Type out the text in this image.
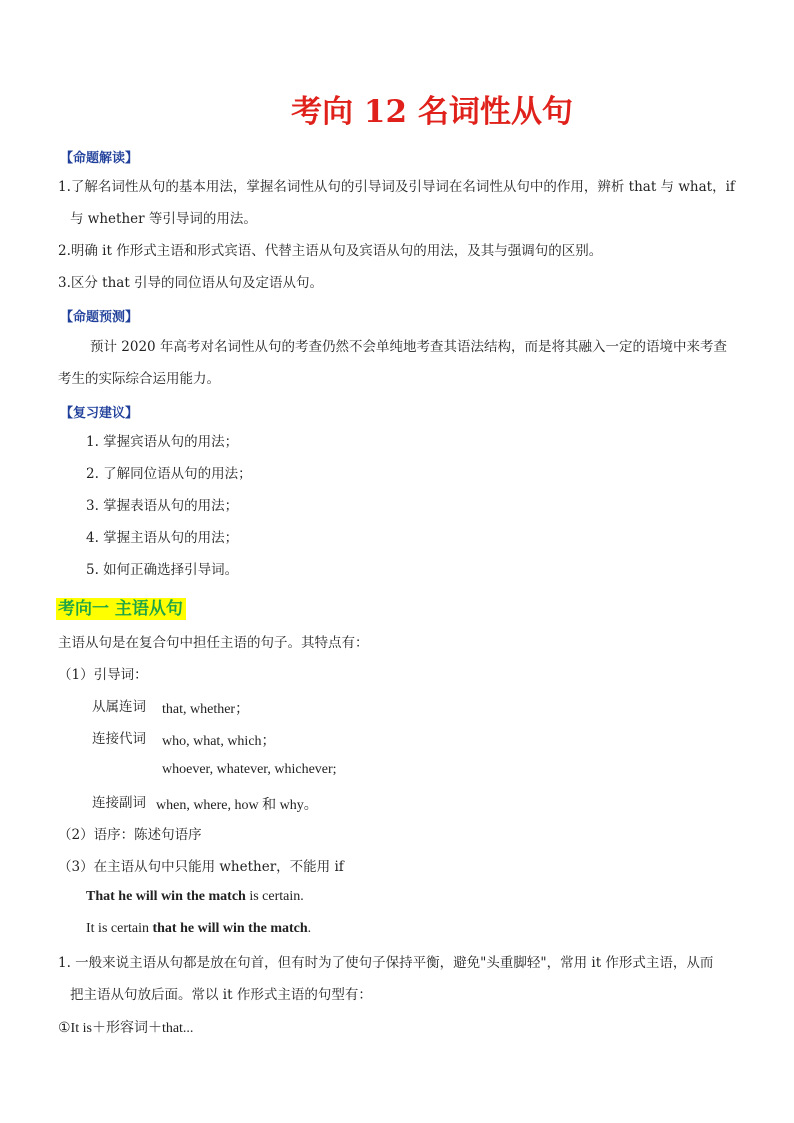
考向 12 名词性从句
【命题解读】
1.了解名词性从句的基本用法，掌握名词性从句的引导词及引导词在名词性从句中的作用，辨析 that 与 what，if
与 whether 等引导词的用法。
2.明确 it 作形式主语和形式宾语、代替主语从句及宾语从句的用法，及其与强调句的区别。
3.区分 that 引导的同位语从句及定语从句。
【命题预测】
预计 2020 年高考对名词性从句的考查仍然不会单纯地考查其语法结构，而是将其融入一定的语境中来考查
考生的实际综合运用能力。
【复习建议】
1. 掌握宾语从句的用法；
2. 了解同位语从句的用法；
3. 掌握表语从句的用法；
4. 掌握主语从句的用法；
5. 如何正确选择引导词。
考向一 主语从句
主语从句是在复合句中担任主语的句子。其特点有：
（1）引导词：
从属连词 that, whether；
连接代词 who, what, which；
whoever, whatever, whichever;
连接副词 when, where, how 和 why。
（2）语序：陈述句语序
（3）在主语从句中只能用 whether，不能用 if
That he will win the match is certain.
It is certain that he will win the match.
1. 一般来说主语从句都是放在句首，但有时为了使句子保持平衡，避免"头重脚轻"，常用 it 作形式主语，从而
把主语从句放后面。常以 it 作形式主语的句型有：
①It is＋形容词＋that...
